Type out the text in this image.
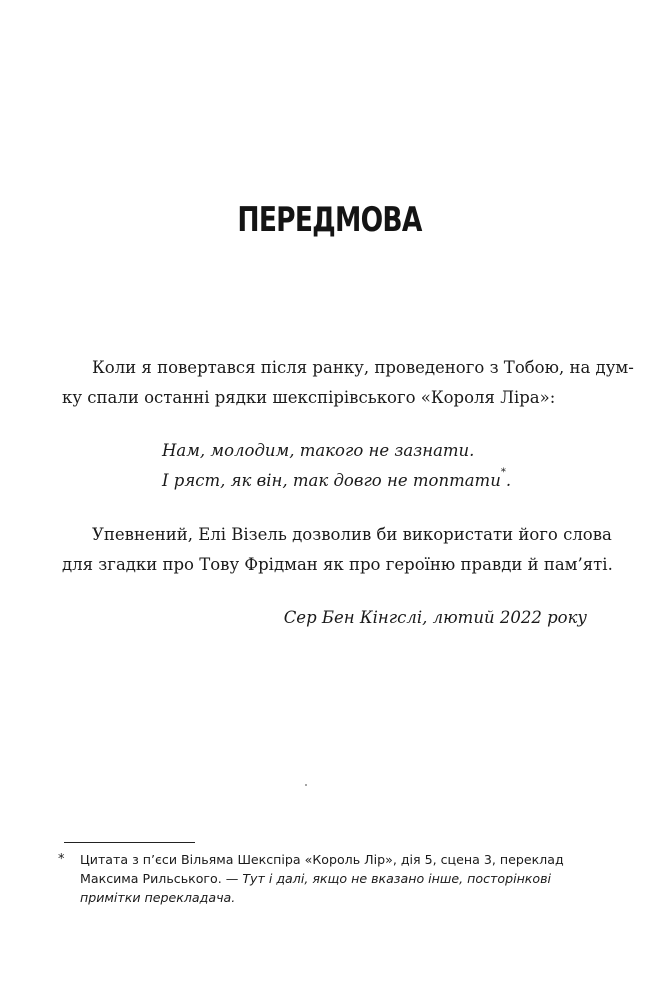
ПЕРЕДМОВА

Коли я повертався після ранку, проведеного з Тобою, на дум-
ку спали останні рядки шекспірівського «Короля Ліра»:

Нам, молодим, такого не зазнати.
І ряст, як він, так довго не топтати*.

Упевнений, Елі Візель дозволив би використати його слова
для згадки про Тову Фрідман як про героїню правди й пам’яті.

Сер Бен Кінгслі, лютий 2022 року
* Цитата з п’єси Вільяма Шекспіра «Король Лір», дія 5, сцена 3, переклад
Максима Рильського. — Тут і далі, якщо не вказано інше, посторінкові
примітки перекладача.
